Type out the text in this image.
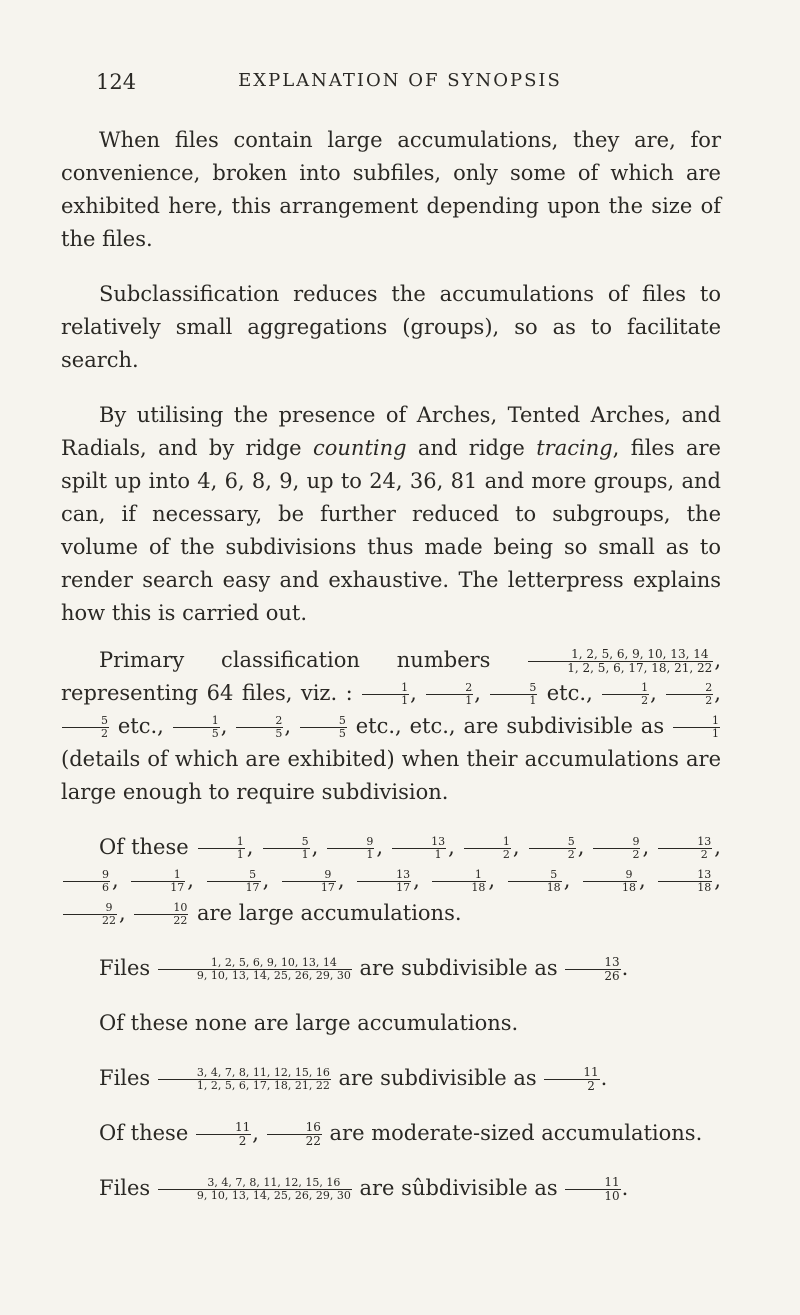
124	EXPLANATION OF SYNOPSIS

When files contain large accumulations, they are, for convenience, broken into subfiles, only some of which are exhibited here, this arrangement depending upon the size of the files.

Subclassification reduces the accumulations of files to relatively small aggregations (groups), so as to facilitate search.

By utilising the presence of Arches, Tented Arches, and Radials, and by ridge counting and ridge tracing, files are spilt up into 4, 6, 8, 9, up to 24, 36, 81 and more groups, and can, if necessary, be further reduced to subgroups, the volume of the subdivisions thus made being so small as to render search easy and exhaustive. The letterpress explains how this is carried out.

Primary classification numbers $\frac{1, 2, 5, 6, 9, 10, 13, 14}{1, 2, 5, 6, 17, 18, 21, 22}$ , representing 64 files, viz. : $\frac{1}{1}$ , $\frac{2}{1}$ , $\frac{5}{1}$ etc., $\frac{1}{2}$ , $\frac{2}{2}$ ,
$\frac{5}{2}$ etc., $\frac{1}{5}$ , $\frac{2}{5}$ , $\frac{5}{5}$ etc., etc., are subdivisible as $\frac{1}{1}$
(details of which are exhibited) when their accumulations are large enough to require subdivision.

Of these $\frac{1}{1}$ , $\frac{5}{1}$ , $\frac{9}{1}$ , $\frac{13}{1}$ , $\frac{1}{2}$ , $\frac{5}{2}$ , $\frac{9}{2}$ , $\frac{13}{2}$ ,
$\frac{9}{6}$ , $\frac{1}{17}$ , $\frac{5}{17}$ , $\frac{9}{17}$ , $\frac{13}{17}$ , $\frac{1}{18}$ , $\frac{5}{18}$ , $\frac{9}{18}$ , $\frac{13}{18}$ ,
$\frac{9}{22}$ , $\frac{10}{22}$ are large accumulations.

Files $\frac{1, 2, 5, 6, 9, 10, 13, 14}{9, 10, 13, 14, 25, 26, 29, 30}$ are subdivisible as $\frac{13}{26}$ .

Of these none are large accumulations.

Files $\frac{3, 4, 7, 8, 11, 12, 15, 16}{1, 2, 5, 6, 17, 18, 21, 22}$ are subdivisible as $\frac{11}{2}$ .

Of these $\frac{11}{2}$ , $\frac{16}{22}$ are moderate-sized accumulations.

Files $\frac{3, 4, 7, 8, 11, 12, 15, 16}{9, 10, 13, 14, 25, 26, 29, 30}$ are sûbdivisible as $\frac{11}{10}$ .
